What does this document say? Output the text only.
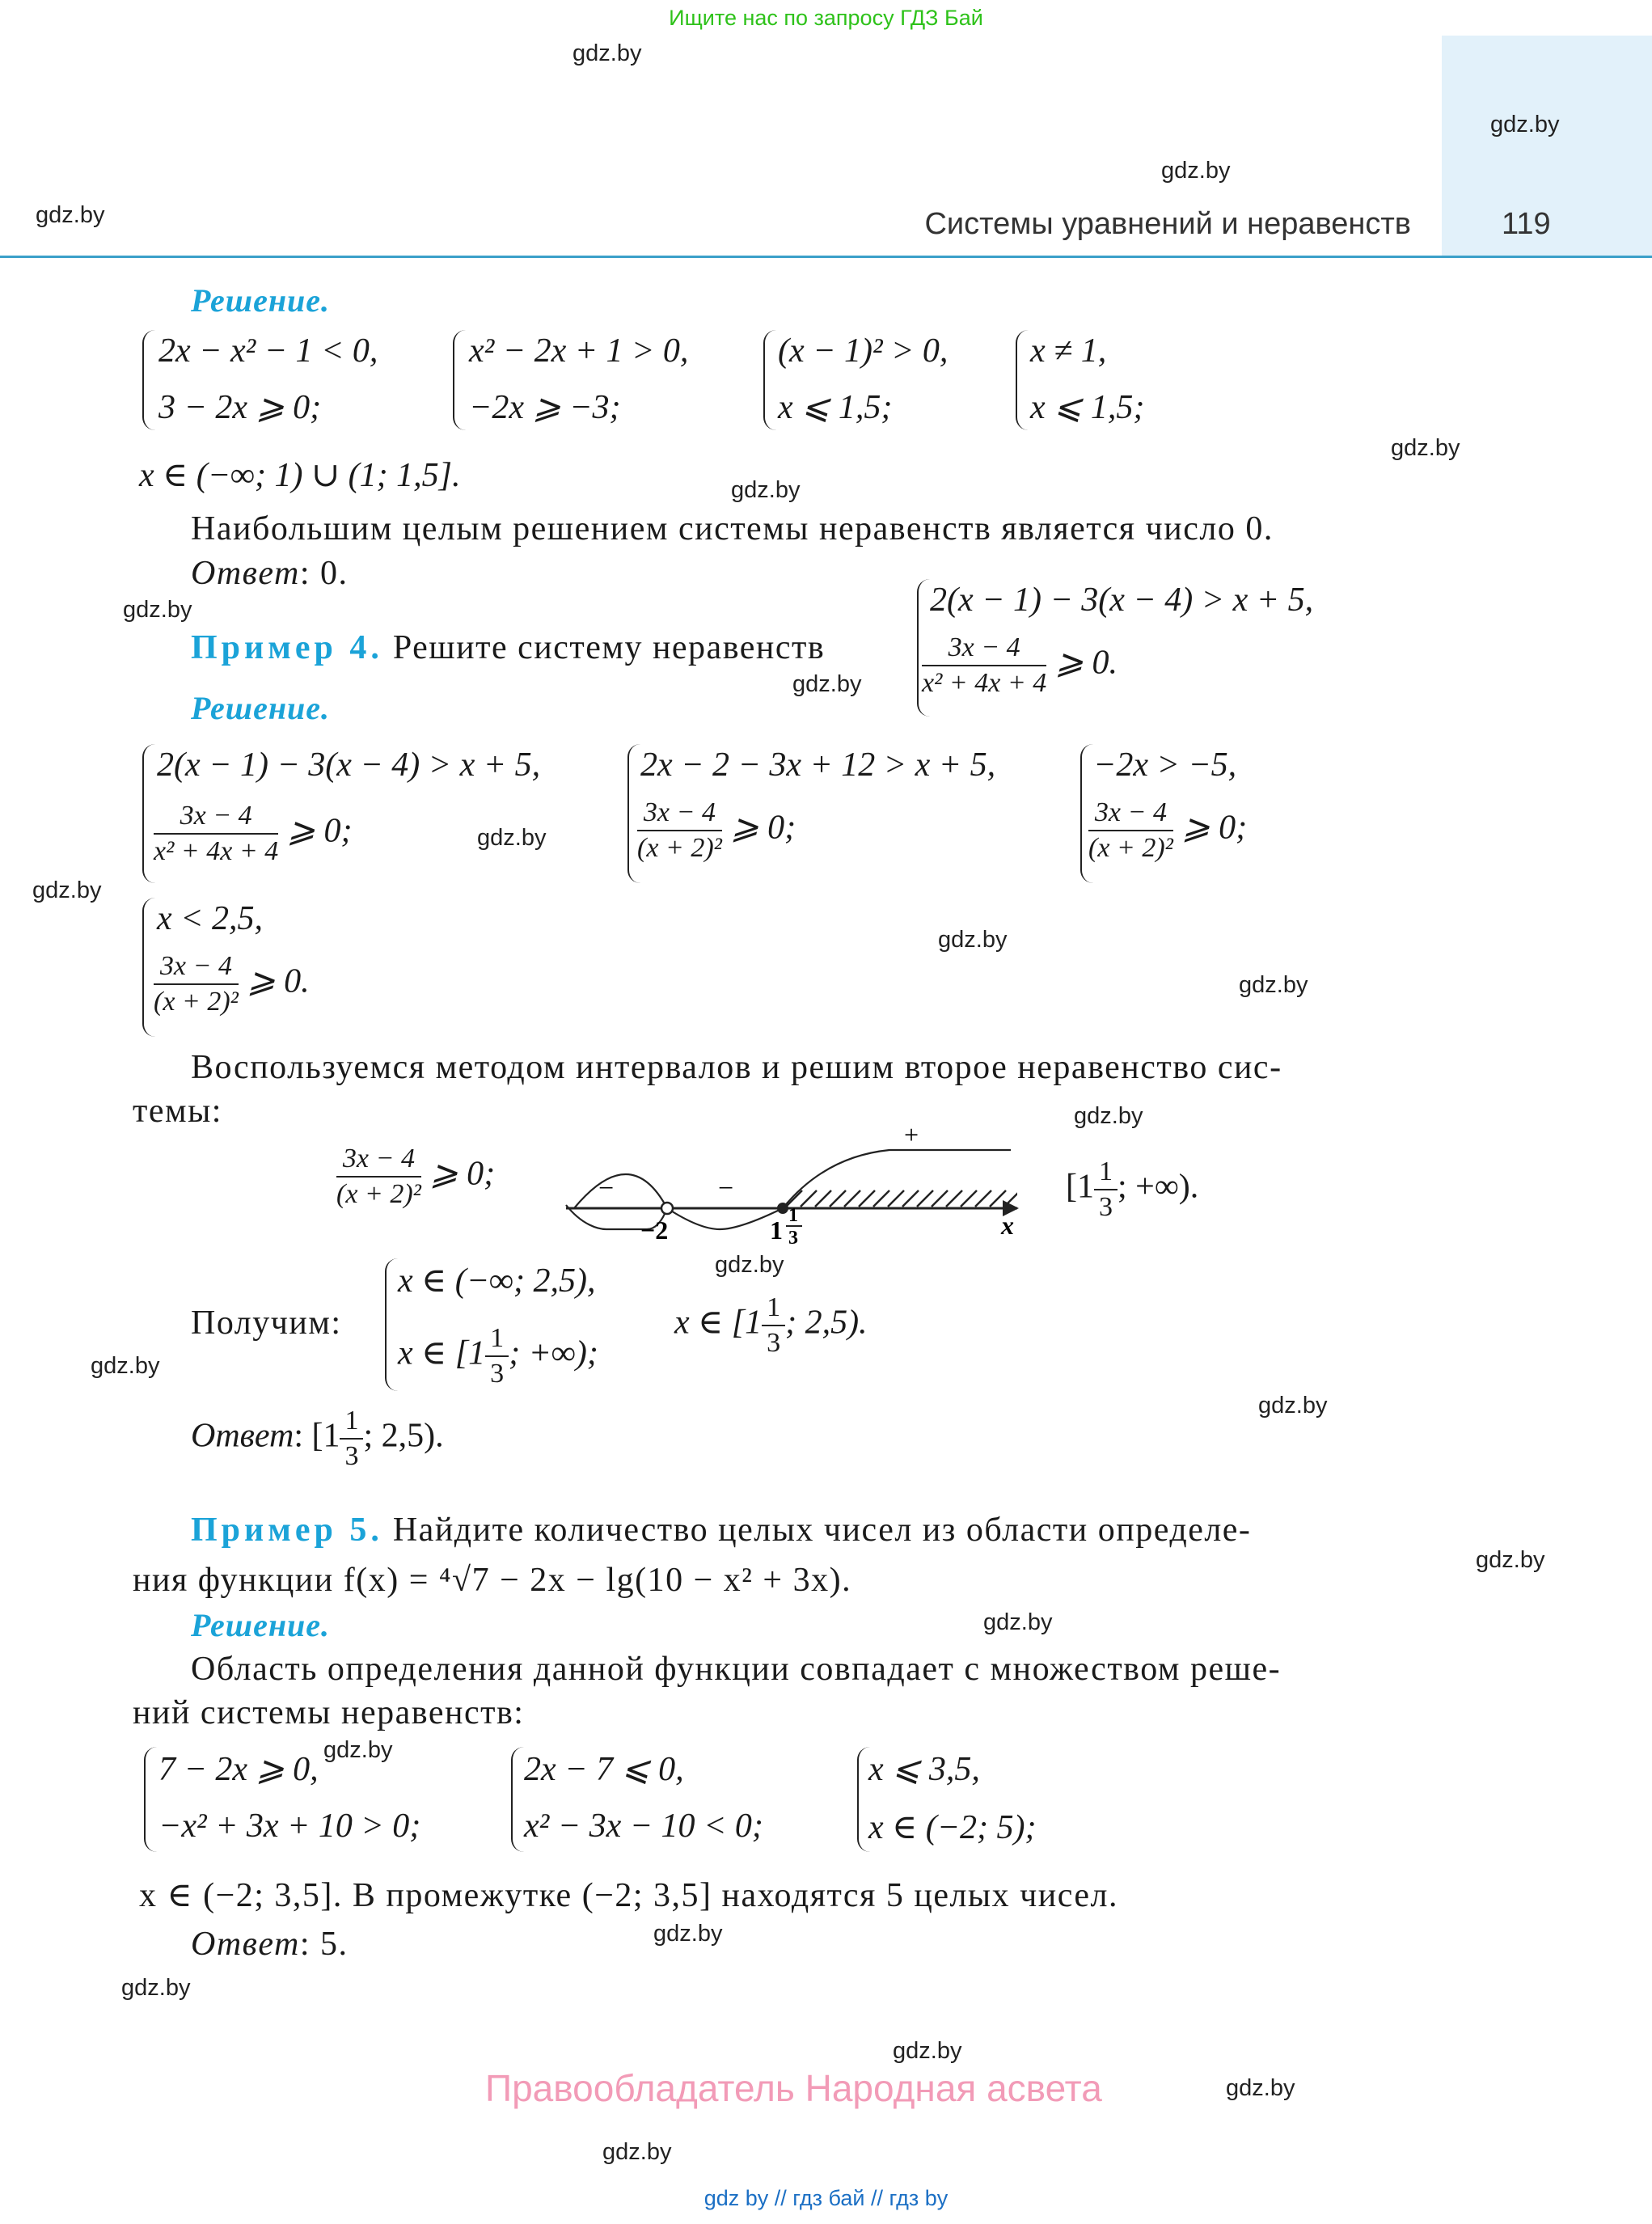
Ищите нас по запросу ГДЗ Бай
Системы уравнений и неравенств	119
gdz.by
gdz.by
gdz.by
gdz.by
gdz.by
gdz.by
gdz.by
gdz.by
gdz.by
gdz.by
gdz.by
gdz.by
gdz.by
gdz.by
gdz.by
gdz.by
gdz.by
gdz.by
gdz.by
gdz.by
gdz.by
gdz.by
gdz.by
gdz.by
Решение.
2x − x² − 1 < 0,
3 − 2x ⩾ 0;
x² − 2x + 1 > 0,
−2x ⩾ −3;
(x − 1)² > 0,
x ⩽ 1,5;
x ≠ 1,
x ⩽ 1,5;
x ∈ (−∞; 1) ∪ (1; 1,5].
Наибольшим целым решением системы неравенств является число 0.
Ответ: 0.
Пример 4. Решите систему неравенств
2(x − 1) − 3(x − 4) > x + 5,
$\frac{3x - 4}{\text{x² + 4x + 4}}$ ⩾ 0.
Решение.
2(x − 1) − 3(x − 4) > x + 5,
$\frac{3x - 4}{\text{x² + 4x + 4}}$ ⩾ 0;
2x − 2 − 3x + 12 > x + 5,
$\frac{3x - 4}{\text{(x + 2)²}}$ ⩾ 0;
−2x > −5,
$\frac{3x - 4}{\text{(x + 2)²}}$ ⩾ 0;
x < 2,5,
$\frac{3x - 4}{\text{(x + 2)²}}$ ⩾ 0.
Воспользуемся методом интервалов и решим второе неравенство сис-
темы:
$\frac{3x - 4}{\text{(x + 2)²}}$ ⩾ 0;	−	−
+
−2	1 1
3	x
[$1 \frac{1}{3}$ ; +∞).
Получим:
x ∈ (−∞; 2,5),
x ∈ [$1 \frac{1}{3}$ ; +∞);
x ∈ [$1 \frac{1}{3}$ ; 2,5).
Ответ: [$1 \frac{1}{3}$ ; 2,5).
Пример 5. Найдите количество целых чисел из области определе-
ния функции f(x) = ⁴√7 − 2x − lg(10 − x² + 3x).
Решение.
Область определения данной функции совпадает с множеством реше-
ний системы неравенств:
7 − 2x ⩾ 0,
−x² + 3x + 10 > 0;
2x − 7 ⩽ 0,
x² − 3x − 10 < 0;
x ⩽ 3,5,
x ∈ (−2; 5);
x ∈ (−2; 3,5]. В промежутке (−2; 3,5] находятся 5 целых чисел.
Ответ: 5.
Правообладатель Народная асвета
gdz by // гдз бай // гдз by
